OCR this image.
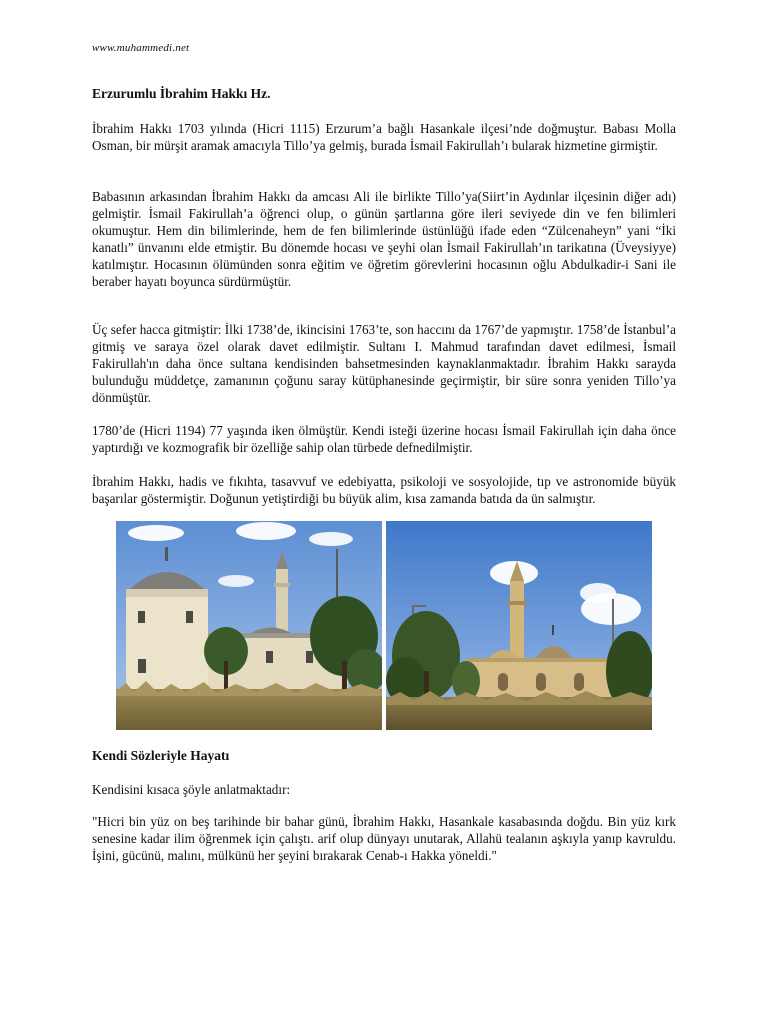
www.muhammedi.net
Erzurumlu İbrahim Hakkı Hz.

İbrahim Hakkı 1703 yılında (Hicri 1115) Erzurum’a bağlı Hasankale ilçesi’nde doğmuştur. Babası Molla Osman, bir mürşit aramak amacıyla Tillo’ya gelmiş, burada İsmail Fakirullah’ı bularak hizmetine girmiştir.

Babasının arkasından İbrahim Hakkı da amcası Ali ile birlikte Tillo’ya(Siirt’in Aydınlar ilçesinin diğer adı) gelmiştir. İsmail Fakirullah’a öğrenci olup, o günün şartlarına göre ileri seviyede din ve fen bilimleri okumuştur. Hem din bilimlerinde, hem de fen bilimlerinde üstünlüğü ifade eden “Zülcenaheyn” yani “İki kanatlı” ünvanını elde etmiştir. Bu dönemde hocası ve şeyhi olan İsmail Fakirullah’ın tarikatına (Üveysiyye) katılmıştır. Hocasının ölümünden sonra eğitim ve öğretim görevlerini hocasının oğlu Abdulkadir-i Sani ile beraber hayatı boyunca sürdürmüştür.

Üç sefer hacca gitmiştir: İlki 1738’de, ikincisini 1763’te, son haccını da 1767’de yapmıştır. 1758’de İstanbul’a gitmiş ve saraya özel olarak davet edilmiştir. Sultanı I. Mahmud tarafından davet edilmesi, İsmail Fakirullah'ın daha önce sultana kendisinden bahsetmesinden kaynaklanmaktadır. İbrahim Hakkı sarayda bulunduğu müddetçe, zamanının çoğunu saray kütüphanesinde geçirmiştir, bir süre sonra yeniden Tillo’ya dönmüştür.

1780’de (Hicri 1194) 77 yaşında iken ölmüştür. Kendi isteği üzerine hocası İsmail Fakirullah için daha önce yaptırdığı ve kozmografik bir özelliğe sahip olan türbede defnedilmiştir.

İbrahim Hakkı, hadis ve fıkıhta, tasavvuf ve edebiyatta, psikoloji ve sosyolojide, tıp ve astronomide büyük başarılar göstermiştir. Doğunun yetiştirdiği bu büyük alim, kısa zamanda batıda da ün salmıştır.

Kendi Sözleriyle Hayatı

Kendisini kısaca şöyle anlatmaktadır:

"Hicri bin yüz on beş tarihinde bir bahar günü, İbrahim Hakkı, Hasankale kasabasında doğdu. Bin yüz kırk senesine kadar ilim öğrenmek için çalıştı. arif olup dünyayı unutarak, Allahü tealanın aşkıyla yanıp kavruldu. İşini, gücünü, malını, mülkünü her şeyini bırakarak Cenab-ı Hakka yöneldi."
